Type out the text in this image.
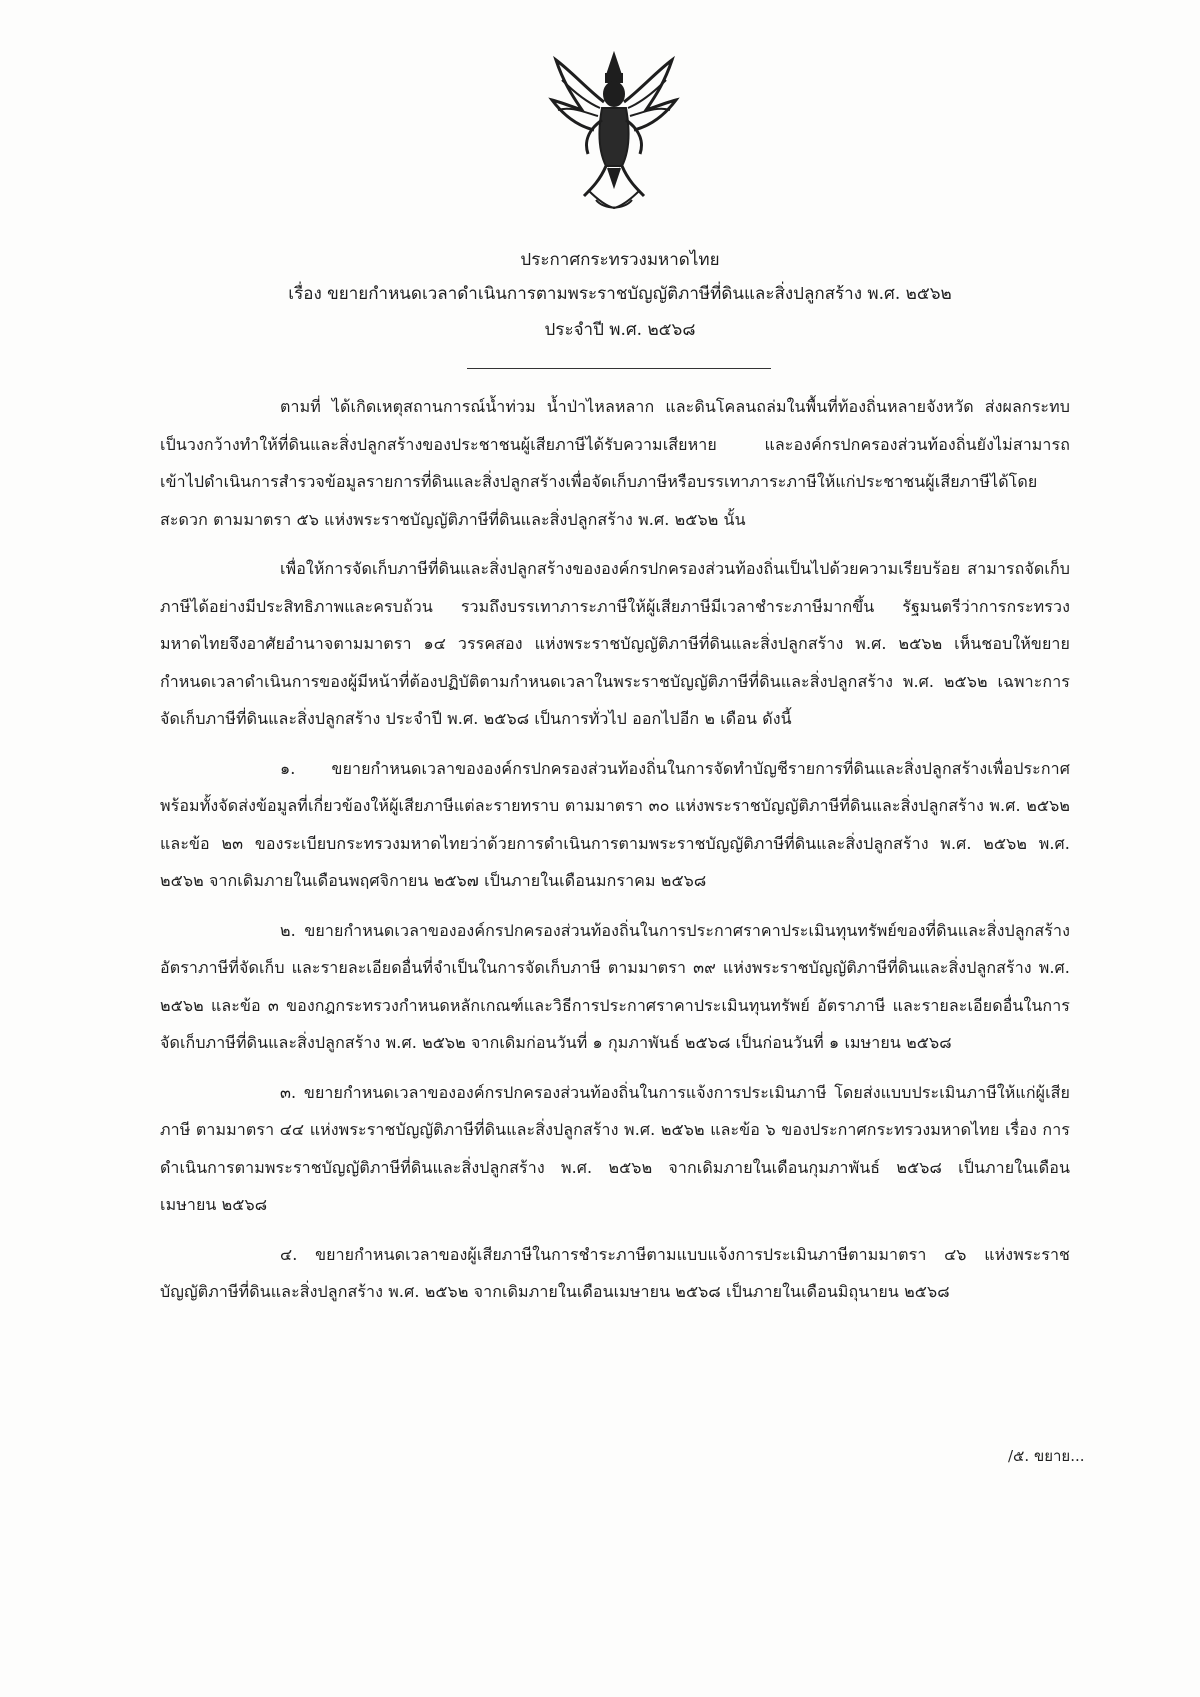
ประกาศกระทรวงมหาดไทย
เรื่อง ขยายกำหนดเวลาดำเนินการตามพระราชบัญญัติภาษีที่ดินและสิ่งปลูกสร้าง พ.ศ. ๒๕๖๒
ประจำปี พ.ศ. ๒๕๖๘

ตามที่ ได้เกิดเหตุสถานการณ์น้ำท่วม น้ำป่าไหลหลาก และดินโคลนถล่มในพื้นที่ท้องถิ่นหลายจังหวัด ส่งผลกระทบเป็นวงกว้างทำให้ที่ดินและสิ่งปลูกสร้างของประชาชนผู้เสียภาษีได้รับความเสียหาย และองค์กรปกครองส่วนท้องถิ่นยังไม่สามารถเข้าไปดำเนินการสำรวจข้อมูลรายการที่ดินและสิ่งปลูกสร้างเพื่อจัดเก็บภาษีหรือบรรเทาภาระภาษีให้แก่ประชาชนผู้เสียภาษีได้โดยสะดวก ตามมาตรา ๕๖ แห่งพระราชบัญญัติภาษีที่ดินและสิ่งปลูกสร้าง พ.ศ. ๒๕๖๒ นั้น

เพื่อให้การจัดเก็บภาษีที่ดินและสิ่งปลูกสร้างขององค์กรปกครองส่วนท้องถิ่นเป็นไปด้วยความเรียบร้อย สามารถจัดเก็บภาษีได้อย่างมีประสิทธิภาพและครบถ้วน รวมถึงบรรเทาภาระภาษีให้ผู้เสียภาษีมีเวลาชำระภาษีมากขึ้น รัฐมนตรีว่าการกระทรวงมหาดไทยจึงอาศัยอำนาจตามมาตรา ๑๔ วรรคสอง แห่งพระราชบัญญัติภาษีที่ดินและสิ่งปลูกสร้าง พ.ศ. ๒๕๖๒ เห็นชอบให้ขยายกำหนดเวลาดำเนินการของผู้มีหน้าที่ต้องปฏิบัติตามกำหนดเวลาในพระราชบัญญัติภาษีที่ดินและสิ่งปลูกสร้าง พ.ศ. ๒๕๖๒ เฉพาะการจัดเก็บภาษีที่ดินและสิ่งปลูกสร้าง ประจำปี พ.ศ. ๒๕๖๘ เป็นการทั่วไป ออกไปอีก ๒ เดือน ดังนี้

๑. ขยายกำหนดเวลาขององค์กรปกครองส่วนท้องถิ่นในการจัดทำบัญชีรายการที่ดินและสิ่งปลูกสร้างเพื่อประกาศ พร้อมทั้งจัดส่งข้อมูลที่เกี่ยวข้องให้ผู้เสียภาษีแต่ละรายทราบ ตามมาตรา ๓๐ แห่งพระราชบัญญัติภาษีที่ดินและสิ่งปลูกสร้าง พ.ศ. ๒๕๖๒ และข้อ ๒๓ ของระเบียบกระทรวงมหาดไทยว่าด้วยการดำเนินการตามพระราชบัญญัติภาษีที่ดินและสิ่งปลูกสร้าง พ.ศ. ๒๕๖๒ พ.ศ. ๒๕๖๒ จากเดิมภายในเดือนพฤศจิกายน ๒๕๖๗ เป็นภายในเดือนมกราคม ๒๕๖๘

๒. ขยายกำหนดเวลาขององค์กรปกครองส่วนท้องถิ่นในการประกาศราคาประเมินทุนทรัพย์ของที่ดินและสิ่งปลูกสร้าง อัตราภาษีที่จัดเก็บ และรายละเอียดอื่นที่จำเป็นในการจัดเก็บภาษี ตามมาตรา ๓๙ แห่งพระราชบัญญัติภาษีที่ดินและสิ่งปลูกสร้าง พ.ศ. ๒๕๖๒ และข้อ ๓ ของกฎกระทรวงกำหนดหลักเกณฑ์และวิธีการประกาศราคาประเมินทุนทรัพย์ อัตราภาษี และรายละเอียดอื่นในการจัดเก็บภาษีที่ดินและสิ่งปลูกสร้าง พ.ศ. ๒๕๖๒ จากเดิมก่อนวันที่ ๑ กุมภาพันธ์ ๒๕๖๘ เป็นก่อนวันที่ ๑ เมษายน ๒๕๖๘

๓. ขยายกำหนดเวลาขององค์กรปกครองส่วนท้องถิ่นในการแจ้งการประเมินภาษี โดยส่งแบบประเมินภาษีให้แก่ผู้เสียภาษี ตามมาตรา ๔๔ แห่งพระราชบัญญัติภาษีที่ดินและสิ่งปลูกสร้าง พ.ศ. ๒๕๖๒ และข้อ ๖ ของประกาศกระทรวงมหาดไทย เรื่อง การดำเนินการตามพระราชบัญญัติภาษีที่ดินและสิ่งปลูกสร้าง พ.ศ. ๒๕๖๒ จากเดิมภายในเดือนกุมภาพันธ์ ๒๕๖๘ เป็นภายในเดือนเมษายน ๒๕๖๘

๔. ขยายกำหนดเวลาของผู้เสียภาษีในการชำระภาษีตามแบบแจ้งการประเมินภาษีตามมาตรา ๔๖ แห่งพระราชบัญญัติภาษีที่ดินและสิ่งปลูกสร้าง พ.ศ. ๒๕๖๒ จากเดิมภายในเดือนเมษายน ๒๕๖๘ เป็นภายในเดือนมิถุนายน ๒๕๖๘

/๕. ขยาย...
